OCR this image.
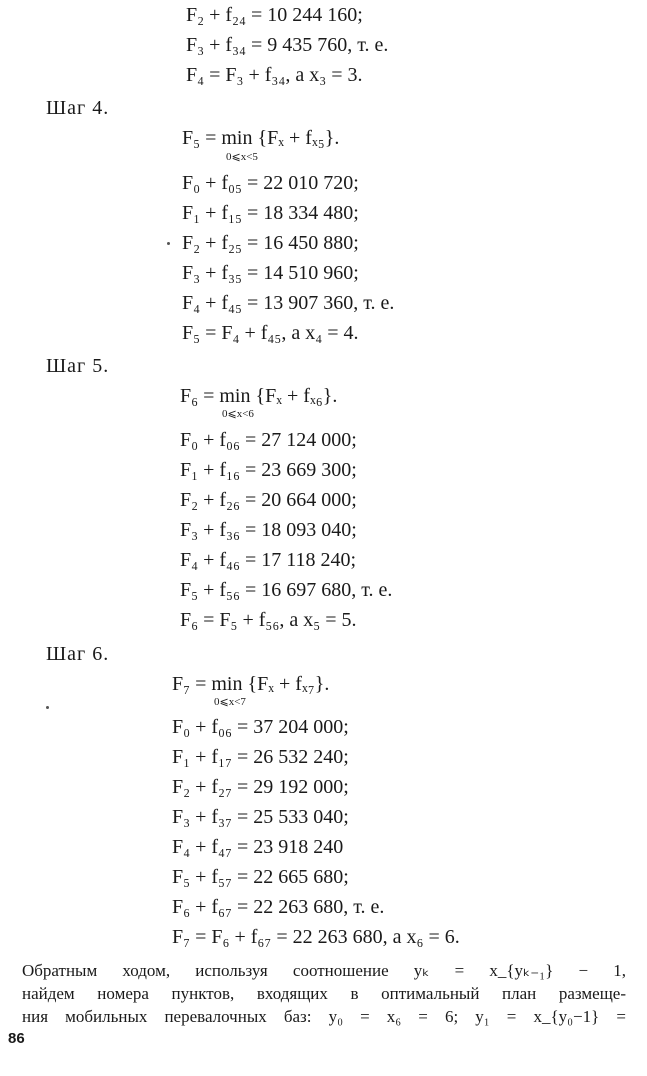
F₂ + f₂₄ = 10 244 160;
F₃ + f₃₄ = 9 435 760, т. е.
F₄ = F₃ + f₃₄, а x₃ = 3.
Шаг 4.
F₅ = min {Fₓ + fₓ₅}.
0⩽x<5
F₀ + f₀₅ = 22 010 720;
F₁ + f₁₅ = 18 334 480;
F₂ + f₂₅ = 16 450 880;
F₃ + f₃₅ = 14 510 960;
F₄ + f₄₅ = 13 907 360, т. е.
F₅ = F₄ + f₄₅, а x₄ = 4.
Шаг 5.
F₆ = min {Fₓ + fₓ₆}.
0⩽x<6
F₀ + f₀₆ = 27 124 000;
F₁ + f₁₆ = 23 669 300;
F₂ + f₂₆ = 20 664 000;
F₃ + f₃₆ = 18 093 040;
F₄ + f₄₆ = 17 118 240;
F₅ + f₅₆ = 16 697 680, т. е.
F₆ = F₅ + f₅₆, а x₅ = 5.
Шаг 6.
F₇ = min {Fₓ + fₓ₇}.
0⩽x<7
F₀ + f₀₆ = 37 204 000;
F₁ + f₁₇ = 26 532 240;
F₂ + f₂₇ = 29 192 000;
F₃ + f₃₇ = 25 533 040;
F₄ + f₄₇ = 23 918 240
F₅ + f₅₇ = 22 665 680;
F₆ + f₆₇ = 22 263 680, т. е.
F₇ = F₆ + f₆₇ = 22 263 680, а x₆ = 6.
Обратным ходом, используя соотношение yₖ = x_{yₖ₋₁} − 1,
найдем номера пунктов, входящих в оптимальный план размеще-
ния мобильных перевалочных баз: y₀ = x₆ = 6; y₁ = x_{y₀−1} =
86
